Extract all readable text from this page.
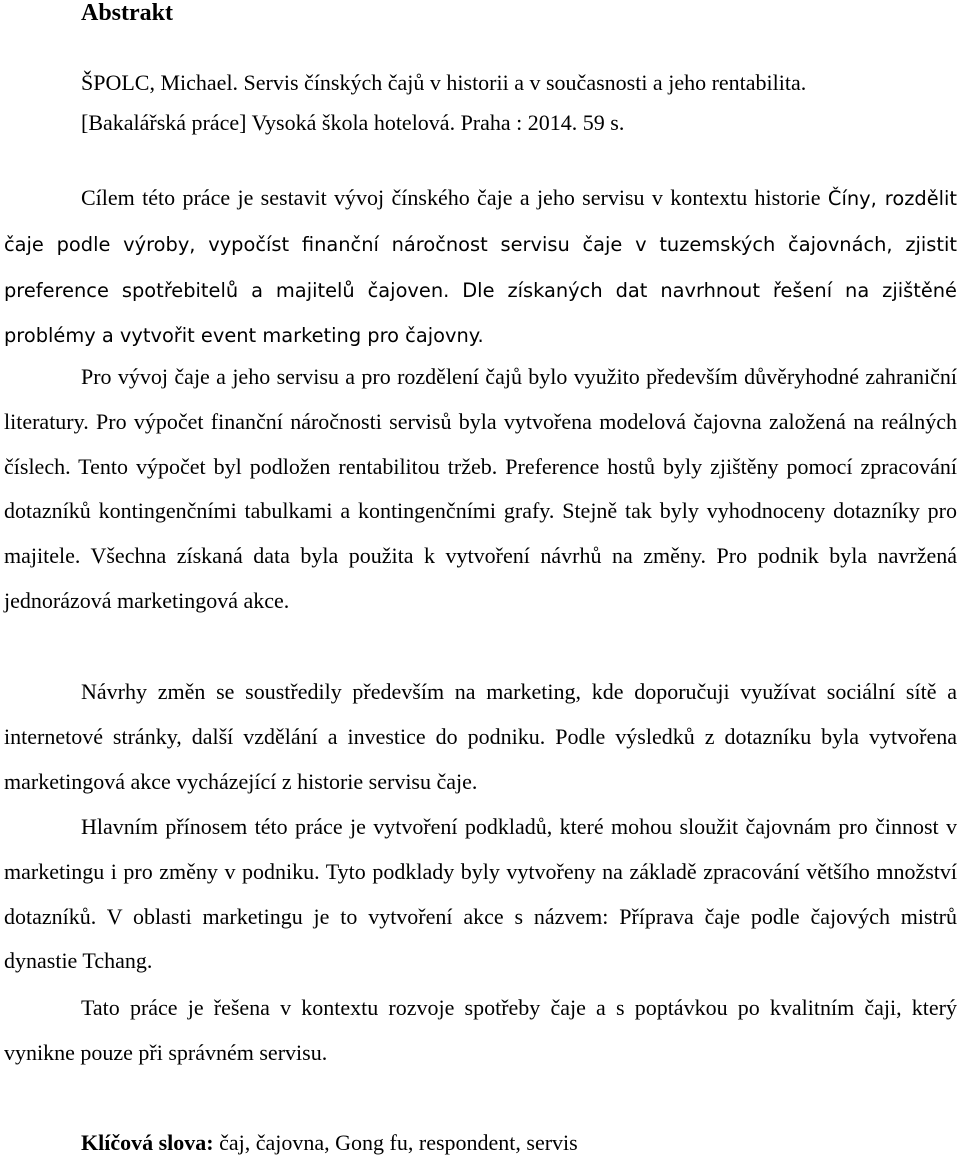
Abstrakt

ŠPOLC, Michael. Servis čínských čajů v historii a v současnosti a jeho rentabilita.
[Bakalářská práce] Vysoká škola hotelová. Praha : 2014. 59 s.

Cílem této práce je sestavit vývoj čínského čaje a jeho servisu v kontextu historie Číny, rozdělit čaje podle výroby, vypočíst finanční náročnost servisu čaje v tuzemských čajovnách, zjistit preference spotřebitelů a majitelů čajoven. Dle získaných dat navrhnout řešení na zjištěné problémy a vytvořit event marketing pro čajovny.

Pro vývoj čaje a jeho servisu a pro rozdělení čajů bylo využito především důvěryhodné zahraniční literatury. Pro výpočet finanční náročnosti servisů byla vytvořena modelová čajovna založená na reálných číslech. Tento výpočet byl podložen rentabilitou tržeb. Preference hostů byly zjištěny pomocí zpracování dotazníků kontingenčními tabulkami a kontingenčními grafy. Stejně tak byly vyhodnoceny dotazníky pro majitele. Všechna získaná data byla použita k vytvoření návrhů na změny. Pro podnik byla navržená jednorázová marketingová akce.

Návrhy změn se soustředily především na marketing, kde doporučuji využívat sociální sítě a internetové stránky, další vzdělání a investice do podniku. Podle výsledků z dotazníku byla vytvořena marketingová akce vycházející z historie servisu čaje.

Hlavním přínosem této práce je vytvoření podkladů, které mohou sloužit čajovnám pro činnost v marketingu i pro změny v podniku. Tyto podklady byly vytvořeny na základě zpracování většího množství dotazníků. V oblasti marketingu je to vytvoření akce s názvem: Příprava čaje podle čajových mistrů dynastie Tchang.

Tato práce je řešena v kontextu rozvoje spotřeby čaje a s poptávkou po kvalitním čaji, který vynikne pouze při správném servisu.

Klíčová slova: čaj, čajovna, Gong fu, respondent, servis
